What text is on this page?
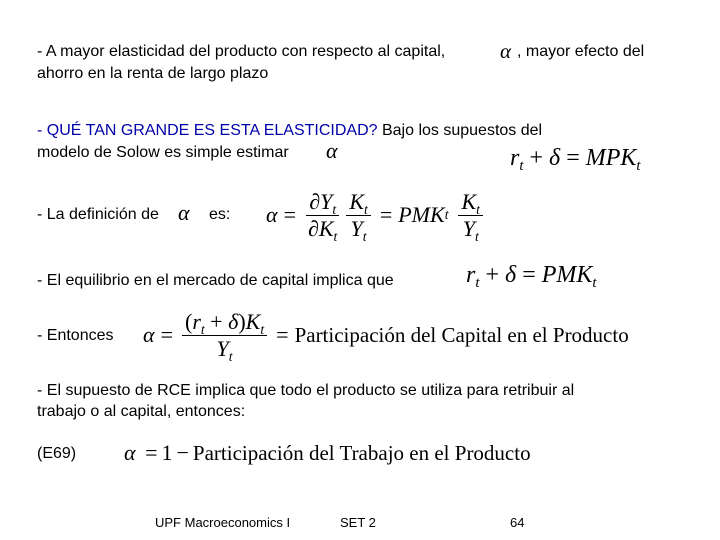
- A mayor elasticidad del producto con respecto al capital,	α , mayor efecto del
ahorro en la renta de largo plazo
- QUÉ TAN GRANDE ES ESTA ELASTICIDAD? Bajo los supuestos del
modelo de Solow es simple estimar α	$r_t + \delta = MPK_t$
- La definición de α es: $\alpha = \frac{\partial Y_t}{\partial K_t} \frac{K_t}{Y_t}$ = PMK t $\frac{K_t}{Y_t}$
- El equilibrio en el mercado de capital implica que	$r_t + \delta = PMK_t$
- Entonces $\alpha = \frac{(r_t + \delta)K_t}{Y_t}$ = Participación del Capital en el Producto
- El supuesto de RCE implica que todo el producto se utiliza para retribuir al
trabajo o al capital, entonces:
(E69) α = 1 − Participación del Trabajo en el Producto
UPF Macroeconomics I	SET 2	64
